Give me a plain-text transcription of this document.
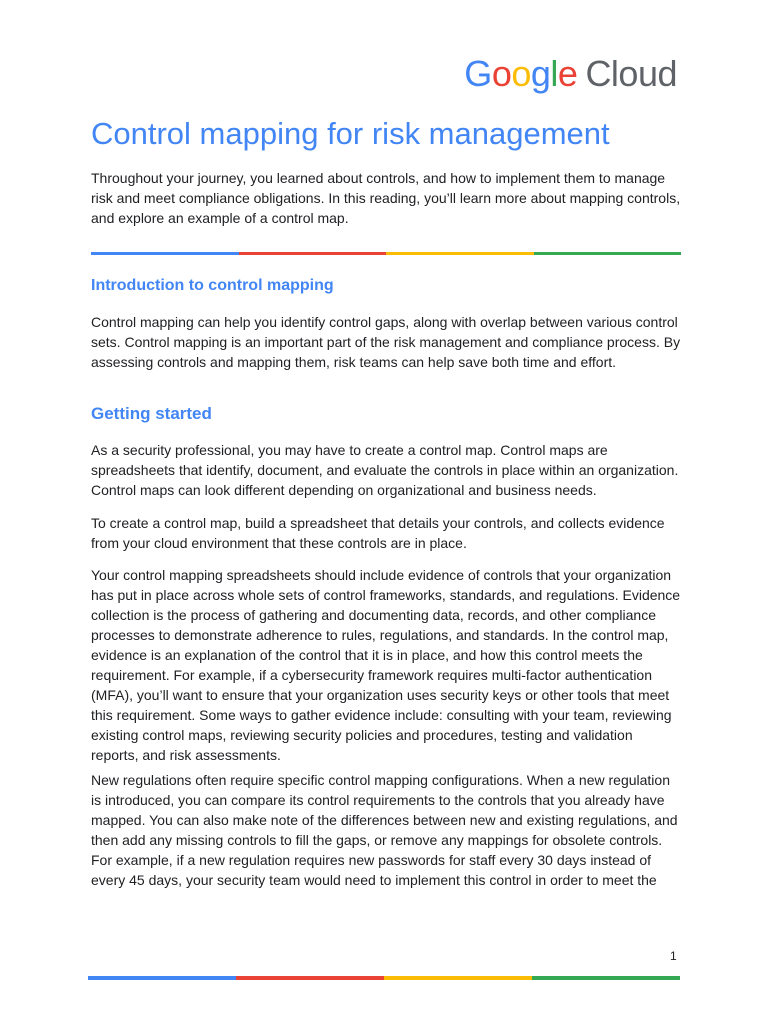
G o o g l e Cloud
Control mapping for risk management

Throughout your journey, you learned about controls, and how to implement them to manage risk and meet compliance obligations. In this reading, you’ll learn more about mapping controls, and explore an example of a control map.

Introduction to control mapping

Control mapping can help you identify control gaps, along with overlap between various control sets. Control mapping is an important part of the risk management and compliance process. By assessing controls and mapping them, risk teams can help save both time and effort.

Getting started

As a security professional, you may have to create a control map. Control maps are spreadsheets that identify, document, and evaluate the controls in place within an organization. Control maps can look different depending on organizational and business needs.

To create a control map, build a spreadsheet that details your controls, and collects evidence from your cloud environment that these controls are in place.

Your control mapping spreadsheets should include evidence of controls that your organization has put in place across whole sets of control frameworks, standards, and regulations. Evidence collection is the process of gathering and documenting data, records, and other compliance processes to demonstrate adherence to rules, regulations, and standards. In the control map, evidence is an explanation of the control that it is in place, and how this control meets the requirement. For example, if a cybersecurity framework requires multi-factor authentication (MFA), you’ll want to ensure that your organization uses security keys or other tools that meet this requirement. Some ways to gather evidence include: consulting with your team, reviewing existing control maps, reviewing security policies and procedures, testing and validation reports, and risk assessments.

New regulations often require specific control mapping configurations. When a new regulation is introduced, you can compare its control requirements to the controls that you already have mapped. You can also make note of the differences between new and existing regulations, and then add any missing controls to fill the gaps, or remove any mappings for obsolete controls. For example, if a new regulation requires new passwords for staff every 30 days instead of every 45 days, your security team would need to implement this control in order to meet the

1
